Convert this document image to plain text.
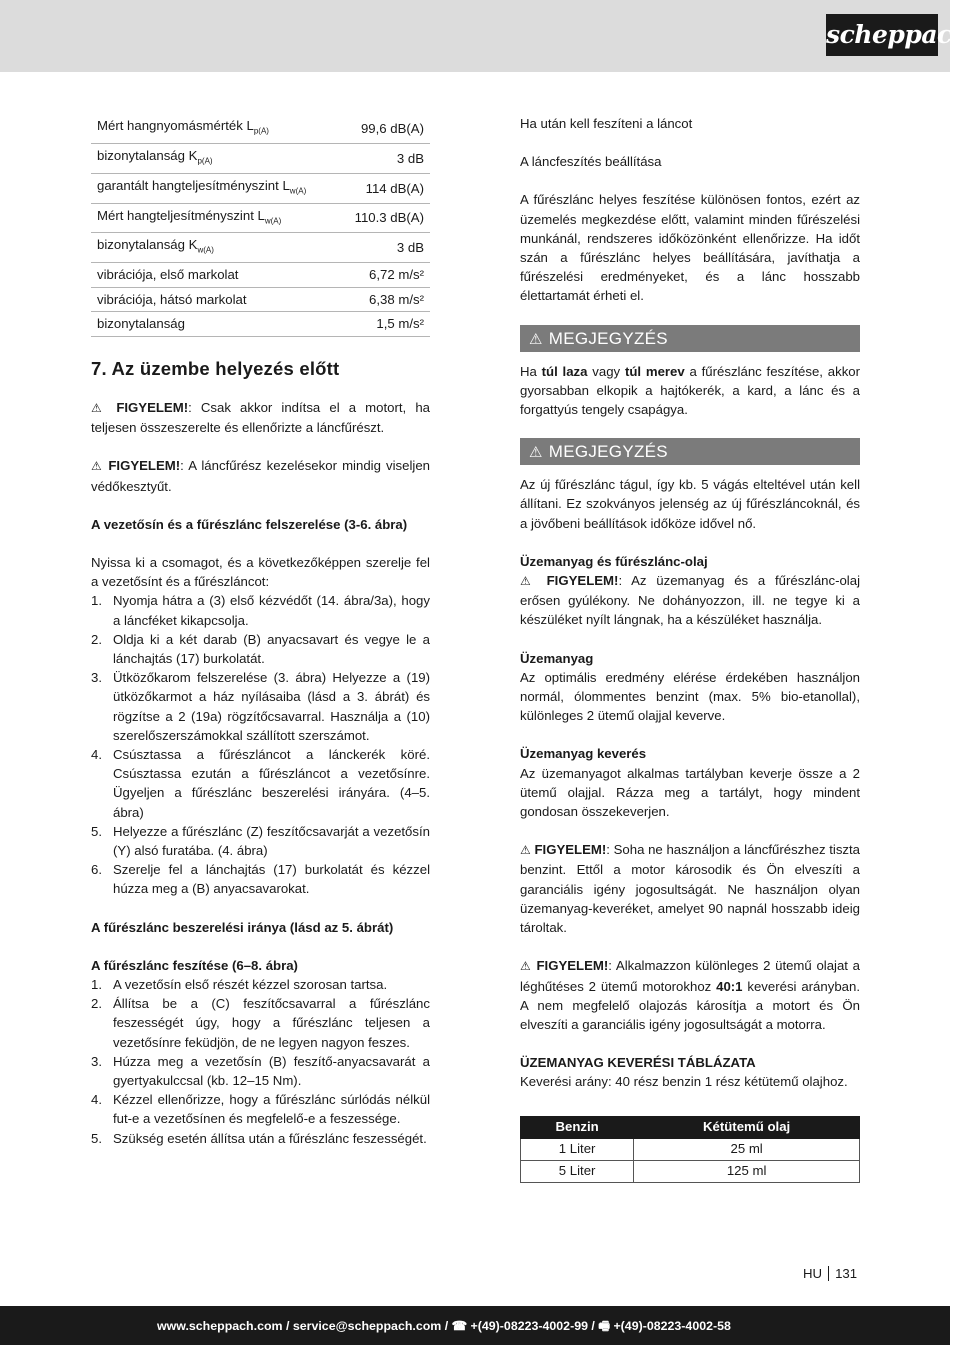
scheppach
Mért hangnyomásmérték $L_{p(A)}$	99,6 dB(A)
bizonytalanság $K_{p(A)}$	3 dB
garantált hangteljesítményszint $L_{w(A)}$	114 dB(A)
Mért hangteljesítményszint $L_{w(A)}$	110.3 dB(A)
bizonytalanság $K_{w(A)}$	3 dB
vibrációja, első markolat	6,72 m/s²
vibrációja, hátsó markolat	6,38 m/s²
bizonytalanság	1,5 m/s²
7. Az üzembe helyezés előtt

⚠ FIGYELEM!: Csak akkor indítsa el a motort, ha teljesen összeszerelte és ellenőrizte a láncfűrészt.

⚠ FIGYELEM!: A láncfűrész kezelésekor mindig viseljen védőkesztyűt.

A vezetősín és a fűrészlánc felszerelése (3-6. ábra)

Nyissa ki a csomagot, és a következőképpen szerelje fel a vezetősínt és a fűrészláncot:

1. Nyomja hátra a (3) első kézvédőt (14. ábra/3a), hogy a láncféket kikapcsolja.
2. Oldja ki a két darab (B) anyacsavart és vegye le a lánchajtás (17) burkolatát.
3. Ütközőkarom felszerelése (3. ábra) Helyezze a (19) ütközőkarmot a ház nyílásaiba (lásd a 3. ábrát) és rögzítse a 2 (19a) rögzítőcsavarral. Használja a (10) szerelőszerszámokkal szállított szerszámot.
4. Csúsztassa a fűrészláncot a lánckerék köré. Csúsztassa ezután a fűrészláncot a vezetősínre. Ügyeljen a fűrészlánc beszerelési irányára. (4–5. ábra)
5. Helyezze a fűrészlánc (Z) feszítőcsavarját a vezetősín (Y) alsó furatába. (4. ábra)
6. Szerelje fel a lánchajtás (17) burkolatát és kézzel húzza meg a (B) anyacsavarokat.

A fűrészlánc beszerelési iránya (lásd az 5. ábrát)

A fűrészlánc feszítése (6–8. ábra)

1. A vezetősín első részét kézzel szorosan tartsa.
2. Állítsa be a (C) feszítőcsavarral a fűrészlánc feszességét úgy, hogy a fűrészlánc teljesen a vezetősínre feküdjön, de ne legyen nagyon feszes.
3. Húzza meg a vezetősín (B) feszítő-anyacsavarát a gyertyakulccsal (kb. 12–15 Nm).
4. Kézzel ellenőrizze, hogy a fűrészlánc súrlódás nélkül fut-e a vezetősínen és megfelelő-e a feszessége.
5. Szükség esetén állítsa után a fűrészlánc feszességét.

Ha után kell feszíteni a láncot

A láncfeszítés beállítása

A fűrészlánc helyes feszítése különösen fontos, ezért az üzemelés megkezdése előtt, valamint minden fűrészelési munkánál, rendszeres időközönként ellenőrizze. Ha időt szán a fűrészlánc helyes beállítására, javíthatja a fűrészelési eredményeket, és a lánc hosszabb élettartamát érheti el.

⚠ MEGJEGYZÉS

Ha túl laza vagy túl merev a fűrészlánc feszítése, akkor gyorsabban elkopik a hajtókerék, a kard, a lánc és a forgattyús tengely csapágya.

⚠ MEGJEGYZÉS

Az új fűrészlánc tágul, így kb. 5 vágás elteltével után kell állítani. Ez szokványos jelenség az új fűrészláncoknál, és a jövőbeni beállítások időköze idővel nő.

Üzemanyag és fűrészlánc-olaj

⚠ FIGYELEM!: Az üzemanyag és a fűrészlánc-olaj erősen gyúlékony. Ne dohányozzon, ill. ne tegye ki a készüléket nyílt lángnak, ha a készüléket használja.

Üzemanyag

Az optimális eredmény elérése érdekében használjon normál, ólommentes benzint (max. 5% bio-etanollal), különleges 2 ütemű olajjal keverve.

Üzemanyag keverés

Az üzemanyagot alkalmas tartályban keverje össze a 2 ütemű olajjal. Rázza meg a tartályt, hogy mindent gondosan összekeverjen.

⚠ FIGYELEM!: Soha ne használjon a láncfűrészhez tiszta benzint. Ettől a motor károsodik és Ön elveszíti a garanciális igény jogosultságát. Ne használjon olyan üzemanyag-keveréket, amelyet 90 napnál hosszabb ideig tároltak.

⚠ FIGYELEM!: Alkalmazzon különleges 2 ütemű olajat a léghűtéses 2 ütemű motorokhoz 40:1 keverési arányban. A nem megfelelő olajozás károsítja a motort és Ön elveszíti a garanciális igény jogosultságát a motorra.

ÜZEMANYAG KEVERÉSI TÁBLÁZATA

Keverési arány: 40 rész benzin 1 rész kétütemű olajhoz.

Benzin	Kétütemű olaj
1 Liter	25 ml
5 Liter	125 ml
HU 131
www.scheppach.com / service@scheppach.com / ☎ +(49)-08223-4002-99 / 🖷 +(49)-08223-4002-58
